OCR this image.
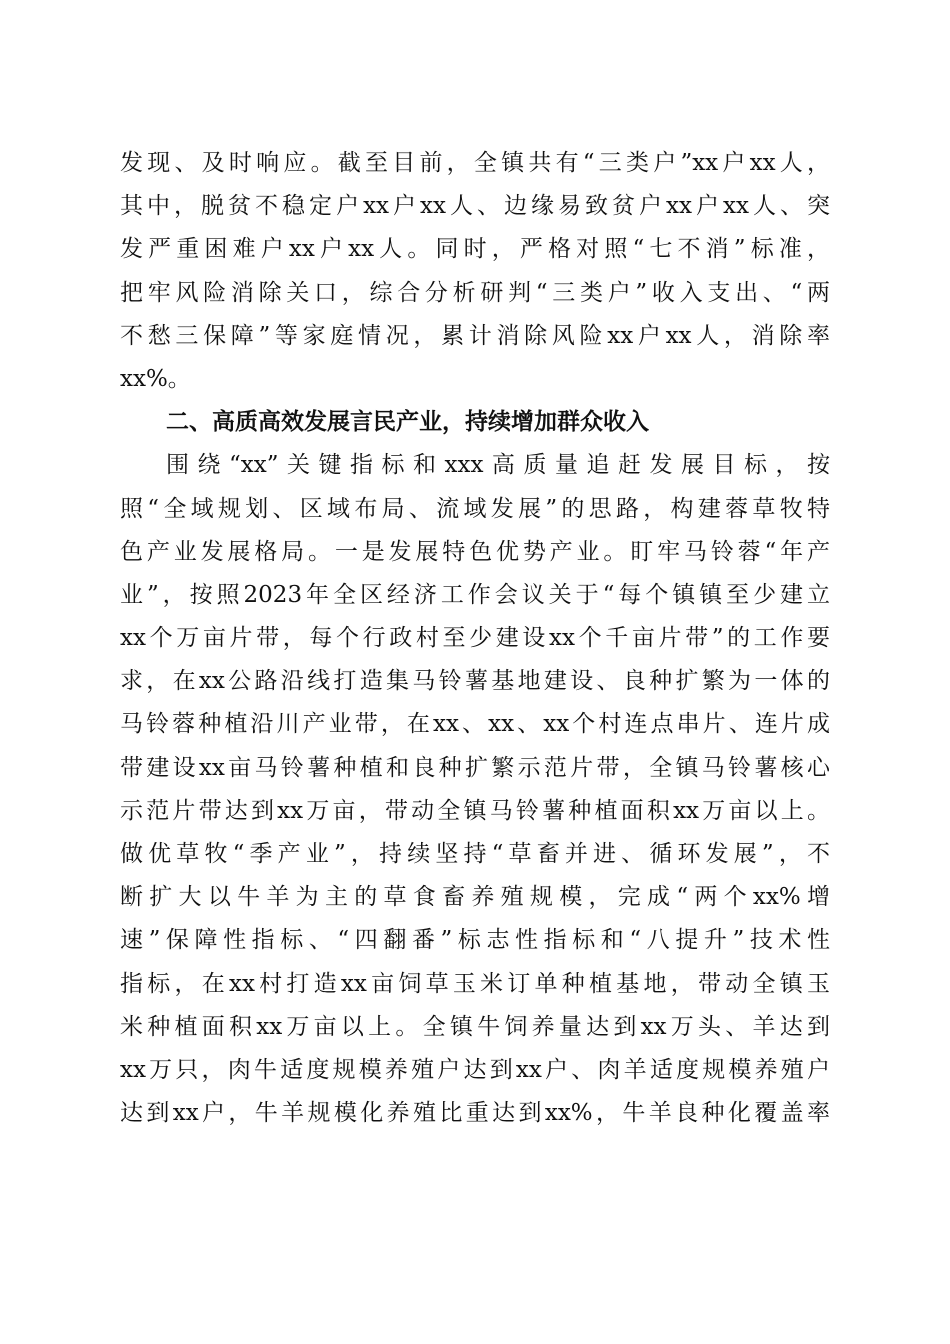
发现、及时响应。截至目前，全镇共有“三类户”xx户xx人，
其中，脱贫不稳定户xx户xx人、边缘易致贫户xx户xx人、突
发严重困难户xx户xx人。同时，严格对照“七不消”标准，
把牢风险消除关口，综合分析研判“三类户”收入支出、“两
不愁三保障”等家庭情况，累计消除风险xx户xx人，消除率
xx%。
二、高质高效发展言民产业，持续增加群众收入
围绕“xx”关键指标和xxx高质量追赶发展目标，按
照“全域规划、区域布局、流域发展”的思路，构建蓉草牧特
色产业发展格局。一是发展特色优势产业。盯牢马铃蓉“年产
业”，按照2023年全区经济工作会议关于“每个镇镇至少建立
xx个万亩片带，每个行政村至少建设xx个千亩片带”的工作要
求，在xx公路沿线打造集马铃薯基地建设、良种扩繁为一体的
马铃蓉种植沿川产业带，在xx、xx、xx个村连点串片、连片成
带建设xx亩马铃薯种植和良种扩繁示范片带，全镇马铃薯核心
示范片带达到xx万亩，带动全镇马铃薯种植面积xx万亩以上。
做优草牧“季产业”，持续坚持“草畜并进、循环发展”，不
断扩大以牛羊为主的草食畜养殖规模，完成“两个xx%增
速”保障性指标、“四翻番”标志性指标和“八提升”技术性
指标，在xx村打造xx亩饲草玉米订单种植基地，带动全镇玉
米种植面积xx万亩以上。全镇牛饲养量达到xx万头、羊达到
xx万只，肉牛适度规模养殖户达到xx户、肉羊适度规模养殖户
达到xx户，牛羊规模化养殖比重达到xx%，牛羊良种化覆盖率
